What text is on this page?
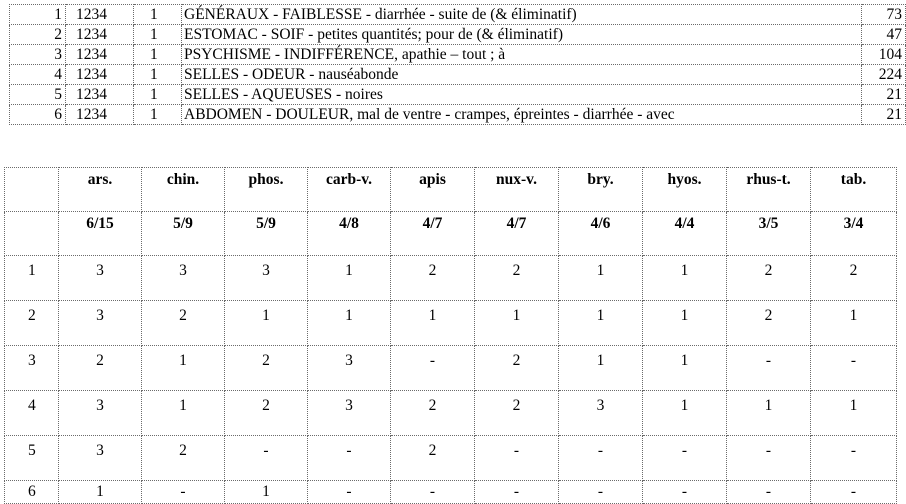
1	1234	1	GÉNÉRAUX - FAIBLESSE - diarrhée - suite de (& éliminatif)	73
2	1234	1	ESTOMAC - SOIF - petites quantités; pour de (& éliminatif)	47
3	1234	1	PSYCHISME - INDIFFÉRENCE, apathie – tout ; à	104
4	1234	1	SELLES - ODEUR - nauséabonde	224
5	1234	1	SELLES - AQUEUSES - noires	21
6	1234	1	ABDOMEN - DOULEUR, mal de ventre - crampes, épreintes - diarrhée - avec	21
	ars.	chin.	phos.	carb-v.	apis	nux-v.	bry.	hyos.	rhus-t.	tab.
	6/15	5/9	5/9	4/8	4/7	4/7	4/6	4/4	3/5	3/4
1	3	3	3	1	2	2	1	1	2	2
2	3	2	1	1	1	1	1	1	2	1
3	2	1	2	3	-	2	1	1	-	-
4	3	1	2	3	2	2	3	1	1	1
5	3	2	-	-	2	-	-	-	-	-
6	1	-	1	-	-	-	-	-	-	-
